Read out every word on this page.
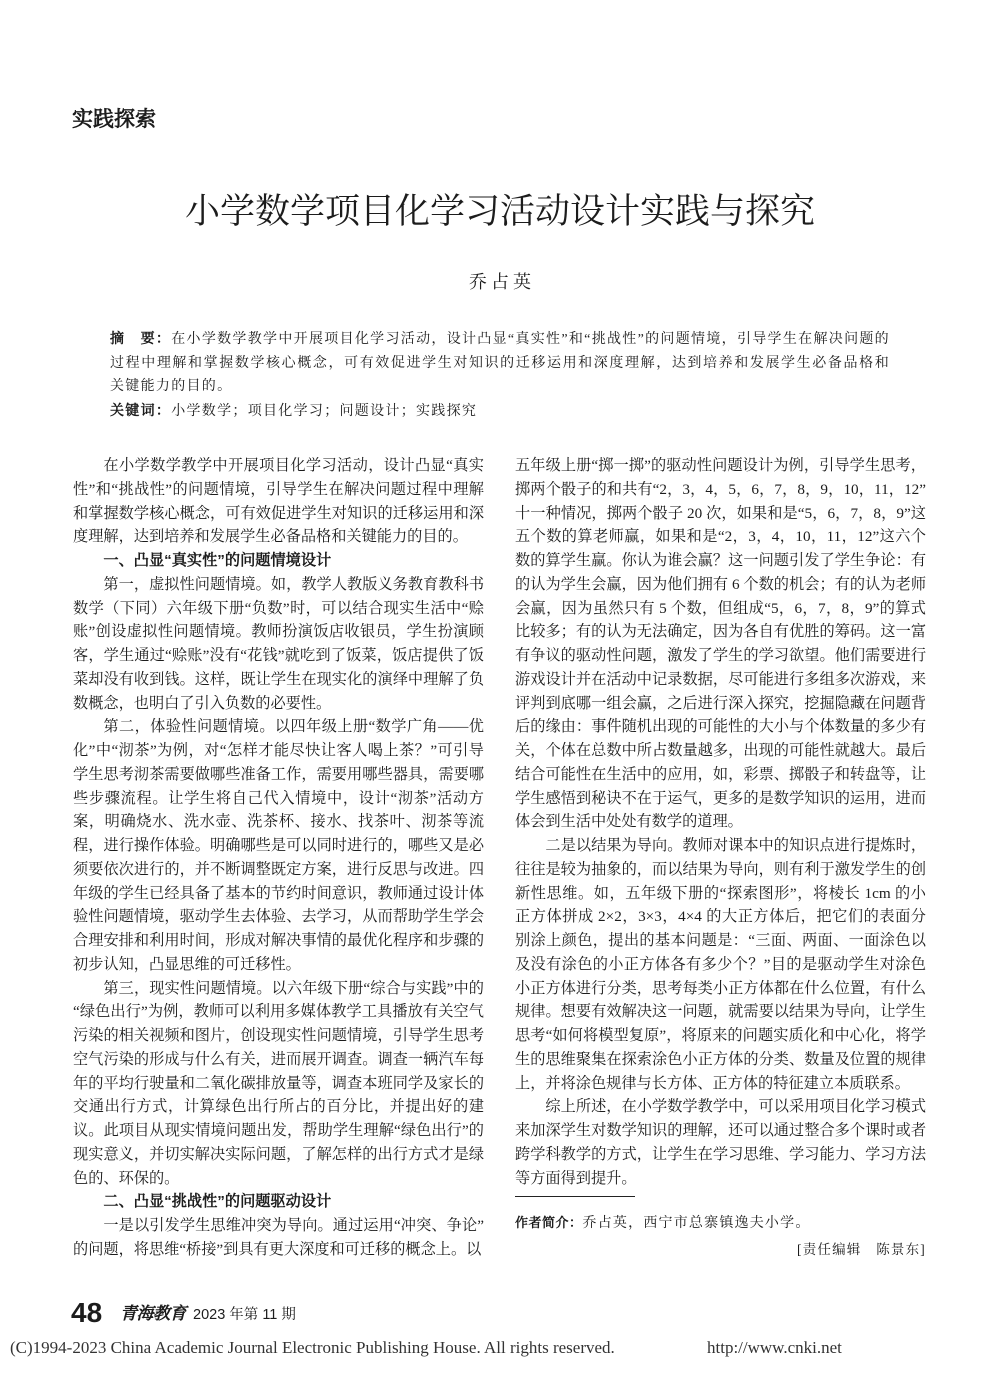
实践探索
小学数学项目化学习活动设计实践与探究
乔占英

摘　要：在小学数学教学中开展项目化学习活动，设计凸显“真实性”和“挑战性”的问题情境，引导学生在解决问题的过程中理解和掌握数学核心概念，可有效促进学生对知识的迁移运用和深度理解，达到培养和发展学生必备品格和关键能力的目的。

关键词：小学数学；项目化学习；问题设计；实践探究

在小学数学教学中开展项目化学习活动，设计凸显“真实性”和“挑战性”的问题情境，引导学生在解决问题过程中理解和掌握数学核心概念，可有效促进学生对知识的迁移运用和深度理解，达到培养和发展学生必备品格和关键能力的目的。

一、凸显“真实性”的问题情境设计

第一，虚拟性问题情境。如，教学人教版义务教育教科书数学（下同）六年级下册“负数”时，可以结合现实生活中“赊账”创设虚拟性问题情境。教师扮演饭店收银员，学生扮演顾客，学生通过“赊账”没有“花钱”就吃到了饭菜，饭店提供了饭菜却没有收到钱。这样，既让学生在现实化的演绎中理解了负数概念，也明白了引入负数的必要性。

第二，体验性问题情境。以四年级上册“数学广角——优化”中“沏茶”为例，对“怎样才能尽快让客人喝上茶？”可引导学生思考沏茶需要做哪些准备工作，需要用哪些器具，需要哪些步骤流程。让学生将自己代入情境中，设计“沏茶”活动方案，明确烧水、洗水壶、洗茶杯、接水、找茶叶、沏茶等流程，进行操作体验。明确哪些是可以同时进行的，哪些又是必须要依次进行的，并不断调整既定方案，进行反思与改进。四年级的学生已经具备了基本的节约时间意识，教师通过设计体验性问题情境，驱动学生去体验、去学习，从而帮助学生学会合理安排和利用时间，形成对解决事情的最优化程序和步骤的初步认知，凸显思维的可迁移性。

第三，现实性问题情境。以六年级下册“综合与实践”中的“绿色出行”为例，教师可以利用多媒体教学工具播放有关空气污染的相关视频和图片，创设现实性问题情境，引导学生思考空气污染的形成与什么有关，进而展开调查。调查一辆汽车每年的平均行驶量和二氧化碳排放量等，调查本班同学及家长的交通出行方式，计算绿色出行所占的百分比，并提出好的建议。此项目从现实情境问题出发，帮助学生理解“绿色出行”的现实意义，并切实解决实际问题，了解怎样的出行方式才是绿色的、环保的。

二、凸显“挑战性”的问题驱动设计

一是以引发学生思维冲突为导向。通过运用“冲突、争论”的问题，将思维“桥接”到具有更大深度和可迁移的概念上。以

五年级上册“掷一掷”的驱动性问题设计为例，引导学生思考，掷两个骰子的和共有“2，3，4，5，6，7，8，9，10，11，12”十一种情况，掷两个骰子 20 次，如果和是“5，6，7，8，9”这五个数的算老师赢，如果和是“2，3，4，10，11，12”这六个数的算学生赢。你认为谁会赢？这一问题引发了学生争论：有的认为学生会赢，因为他们拥有 6 个数的机会；有的认为老师会赢，因为虽然只有 5 个数，但组成“5，6，7，8，9”的算式比较多；有的认为无法确定，因为各自有优胜的筹码。这一富有争议的驱动性问题，激发了学生的学习欲望。他们需要进行游戏设计并在活动中记录数据，尽可能进行多组多次游戏，来评判到底哪一组会赢，之后进行深入探究，挖掘隐藏在问题背后的缘由：事件随机出现的可能性的大小与个体数量的多少有关，个体在总数中所占数量越多，出现的可能性就越大。最后结合可能性在生活中的应用，如，彩票、掷骰子和转盘等，让学生感悟到秘诀不在于运气，更多的是数学知识的运用，进而体会到生活中处处有数学的道理。

二是以结果为导向。教师对课本中的知识点进行提炼时，往往是较为抽象的，而以结果为导向，则有利于激发学生的创新性思维。如，五年级下册的“探索图形”，将棱长 1cm 的小正方体拼成 2×2，3×3，4×4 的大正方体后，把它们的表面分别涂上颜色，提出的基本问题是：“三面、两面、一面涂色以及没有涂色的小正方体各有多少个？”目的是驱动学生对涂色小正方体进行分类，思考每类小正方体都在什么位置，有什么规律。想要有效解决这一问题，就需要以结果为导向，让学生思考“如何将模型复原”，将原来的问题实质化和中心化，将学生的思维聚集在探索涂色小正方体的分类、数量及位置的规律上，并将涂色规律与长方体、正方体的特征建立本质联系。

综上所述，在小学数学教学中，可以采用项目化学习模式来加深学生对数学知识的理解，还可以通过整合多个课时或者跨学科教学的方式，让学生在学习思维、学习能力、学习方法等方面得到提升。

作者简介：乔占英，西宁市总寨镇逸夫小学。
[责任编辑　陈景东]
48 青海教育 2023 年第 11 期
(C)1994-2023 China Academic Journal Electronic Publishing House. All rights reserved.	http://www.cnki.net
